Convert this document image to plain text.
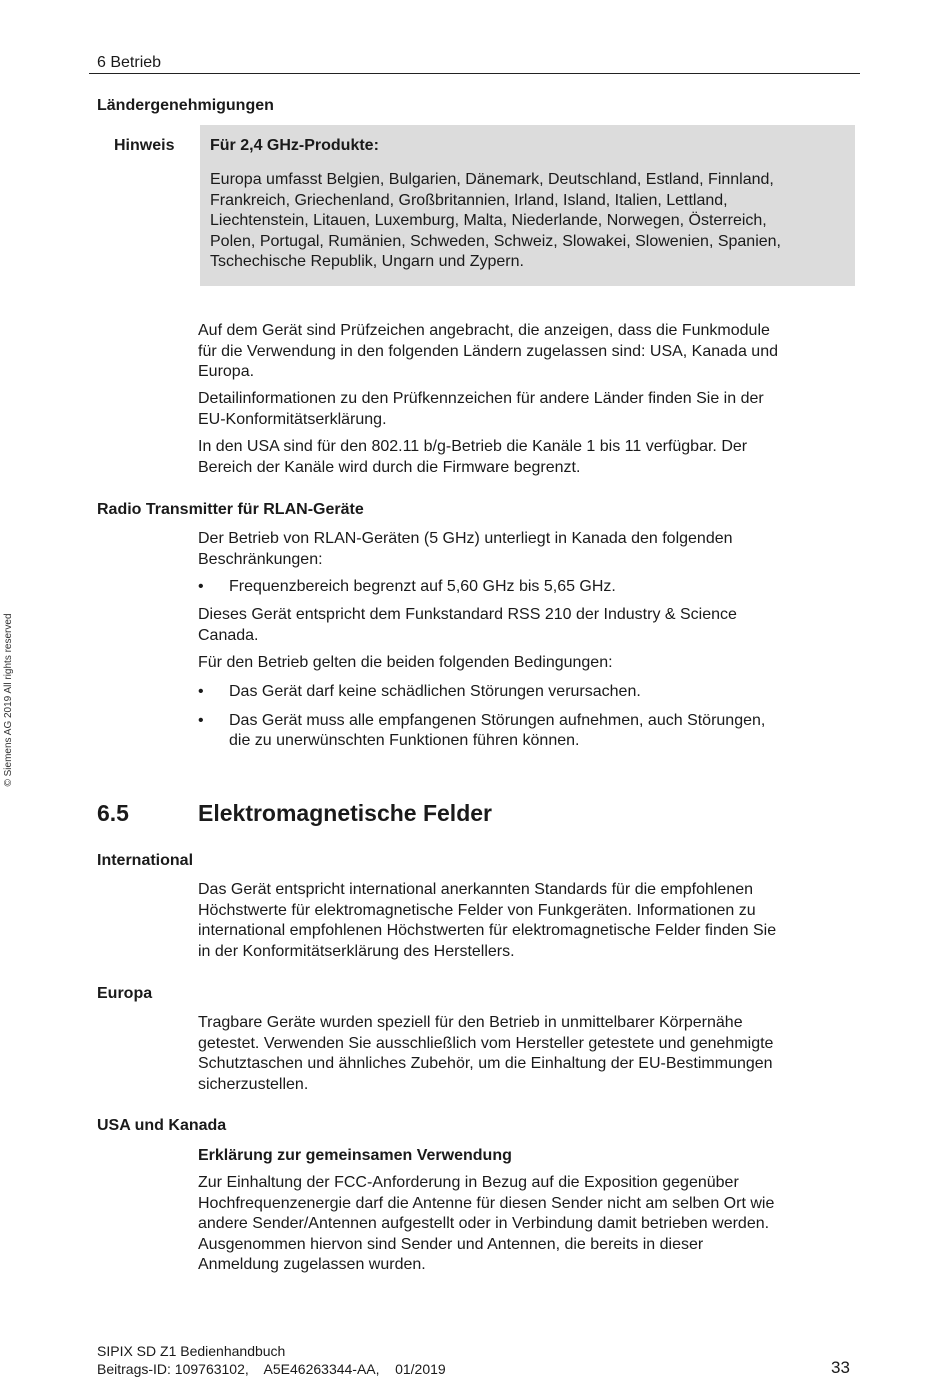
6 Betrieb
© Siemens AG 2019 All rights reserved
Ländergenehmigungen
Hinweis Für 2,4 GHz-Produkte:
Europa umfasst Belgien, Bulgarien, Dänemark, Deutschland, Estland, Finnland,
Frankreich, Griechenland, Großbritannien, Irland, Island, Italien, Lettland,
Liechtenstein, Litauen, Luxemburg, Malta, Niederlande, Norwegen, Österreich,
Polen, Portugal, Rumänien, Schweden, Schweiz, Slowakei, Slowenien, Spanien,
Tschechische Republik, Ungarn und Zypern.
Auf dem Gerät sind Prüfzeichen angebracht, die anzeigen, dass die Funkmodule
für die Verwendung in den folgenden Ländern zugelassen sind: USA, Kanada und
Europa.
Detailinformationen zu den Prüfkennzeichen für andere Länder finden Sie in der
EU-Konformitätserklärung.
In den USA sind für den 802.11 b/g-Betrieb die Kanäle 1 bis 11 verfügbar. Der
Bereich der Kanäle wird durch die Firmware begrenzt.
Radio Transmitter für RLAN-Geräte
Der Betrieb von RLAN-Geräten (5 GHz) unterliegt in Kanada den folgenden
Beschränkungen:
• Frequenzbereich begrenzt auf 5,60 GHz bis 5,65 GHz.
Dieses Gerät entspricht dem Funkstandard RSS 210 der Industry & Science
Canada.
Für den Betrieb gelten die beiden folgenden Bedingungen:
• Das Gerät darf keine schädlichen Störungen verursachen.
• Das Gerät muss alle empfangenen Störungen aufnehmen, auch Störungen,
die zu unerwünschten Funktionen führen können.
6.5	Elektromagnetische Felder
International
Das Gerät entspricht international anerkannten Standards für die empfohlenen
Höchstwerte für elektromagnetische Felder von Funkgeräten. Informationen zu
international empfohlenen Höchstwerten für elektromagnetische Felder finden Sie
in der Konformitätserklärung des Herstellers.
Europa
Tragbare Geräte wurden speziell für den Betrieb in unmittelbarer Körpernähe
getestet. Verwenden Sie ausschließlich vom Hersteller getestete und genehmigte
Schutztaschen und ähnliches Zubehör, um die Einhaltung der EU-Bestimmungen
sicherzustellen.
USA und Kanada
Erklärung zur gemeinsamen Verwendung
Zur Einhaltung der FCC-Anforderung in Bezug auf die Exposition gegenüber
Hochfrequenzenergie darf die Antenne für diesen Sender nicht am selben Ort wie
andere Sender/Antennen aufgestellt oder in Verbindung damit betrieben werden.
Ausgenommen hiervon sind Sender und Antennen, die bereits in dieser
Anmeldung zugelassen wurden.
SIPIX SD Z1 Bedienhandbuch
Beitrags-ID: 109763102,    A5E46263344-AA,    01/2019	33
